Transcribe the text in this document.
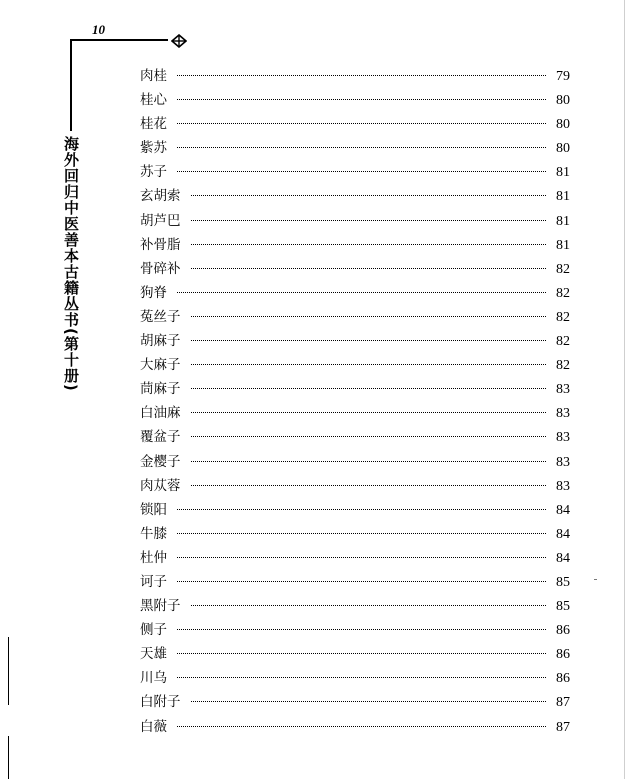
10
海外回归中医善本古籍丛书(第十册)
肉桂	79
桂心	80
桂花	80
紫苏	80
苏子	81
玄胡索	81
胡芦巴	81
补骨脂	81
骨碎补	82
狗脊	82
菟丝子	82
胡麻子	82
大麻子	82
茼麻子	83
白油麻	83
覆盆子	83
金樱子	83
肉苁蓉	83
锁阳	84
牛膝	84
杜仲	84
诃子	85
黑附子	85
侧子	86
天雄	86
川乌	86
白附子	87
白薇	87
